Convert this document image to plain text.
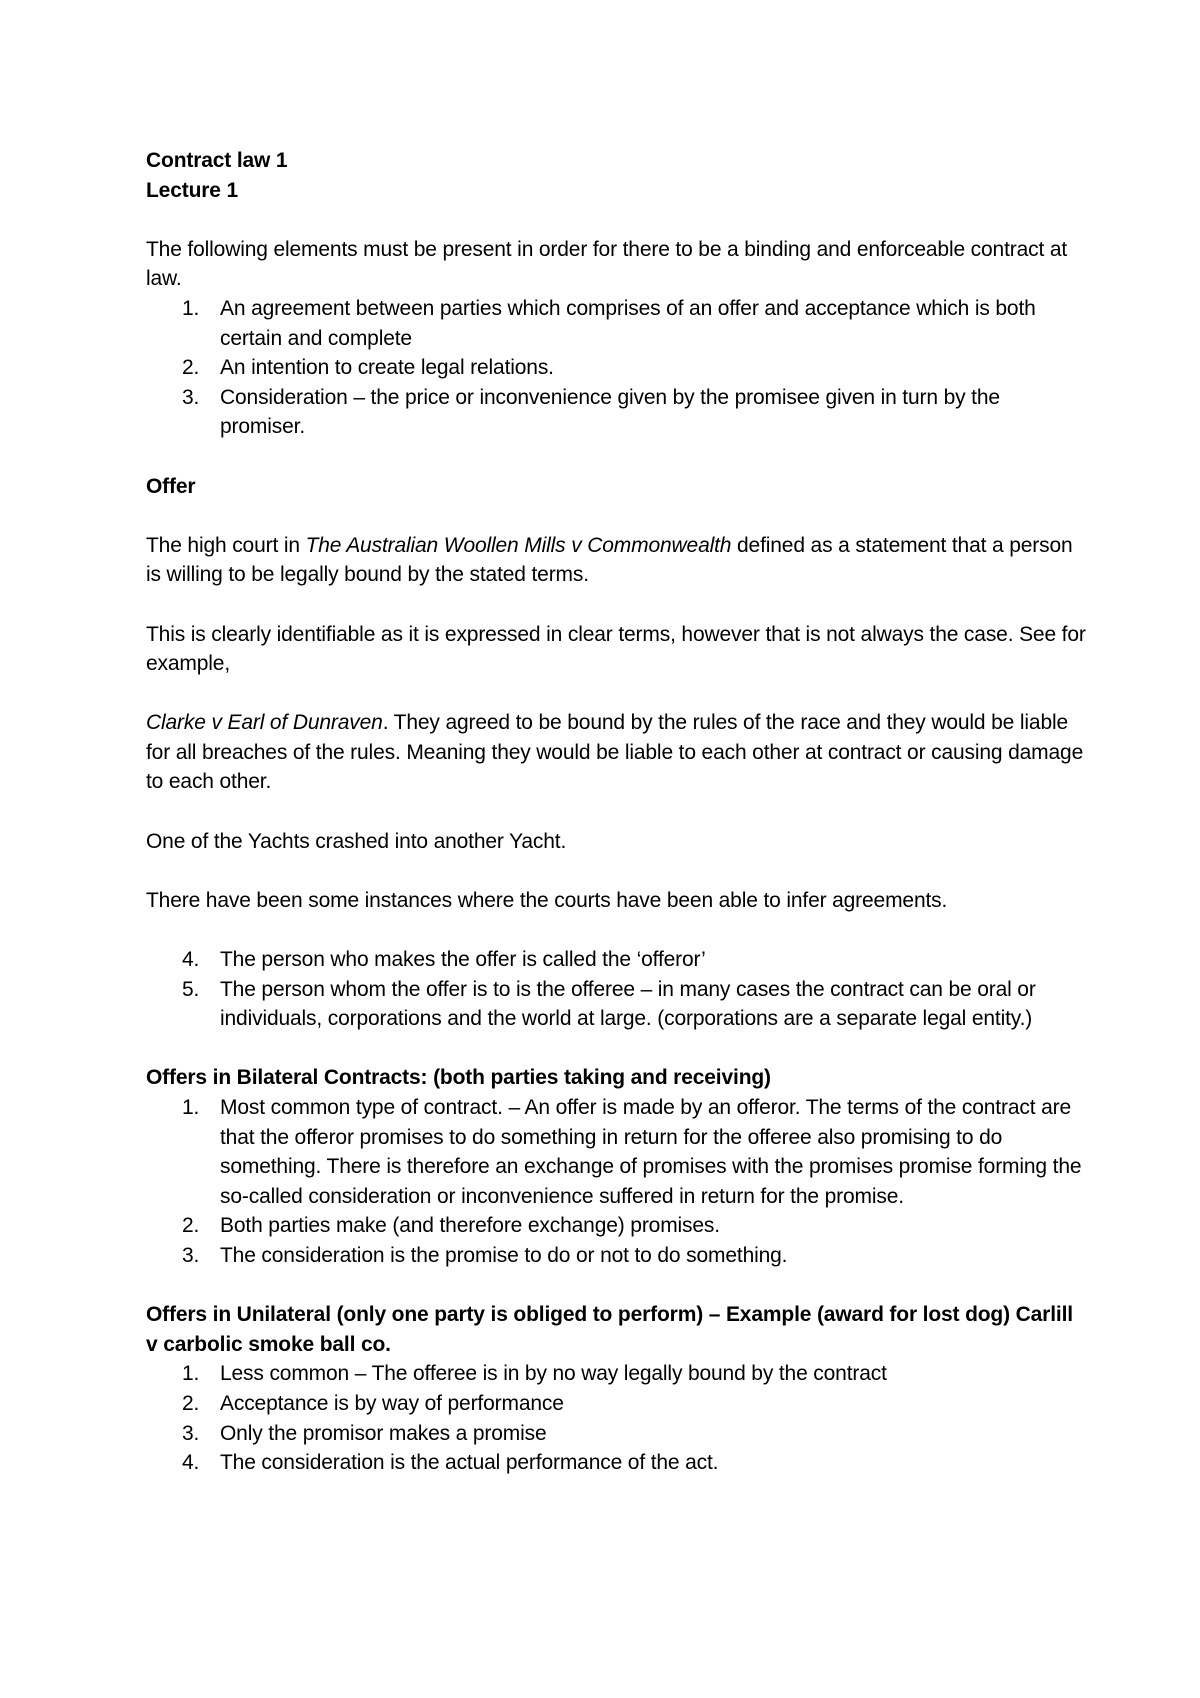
Contract law 1

Lecture 1

The following elements must be present in order for there to be a binding and enforceable contract at law.

1. An agreement between parties which comprises of an offer and acceptance which is both certain and complete
2. An intention to create legal relations.
3. Consideration – the price or inconvenience given by the promisee given in turn by the promiser.

Offer

The high court in The Australian Woollen Mills v Commonwealth defined as a statement that a person is willing to be legally bound by the stated terms.

This is clearly identifiable as it is expressed in clear terms, however that is not always the case. See for example,

Clarke v Earl of Dunraven. They agreed to be bound by the rules of the race and they would be liable for all breaches of the rules. Meaning they would be liable to each other at contract or causing damage to each other.

One of the Yachts crashed into another Yacht.

There have been some instances where the courts have been able to infer agreements.

4. The person who makes the offer is called the ‘offeror’
5. The person whom the offer is to is the offeree – in many cases the contract can be oral or individuals, corporations and the world at large. (corporations are a separate legal entity.)

Offers in Bilateral Contracts: (both parties taking and receiving)

1. Most common type of contract. – An offer is made by an offeror. The terms of the contract are that the offeror promises to do something in return for the offeree also promising to do something. There is therefore an exchange of promises with the promises promise forming the so-called consideration or inconvenience suffered in return for the promise.
2. Both parties make (and therefore exchange) promises.
3. The consideration is the promise to do or not to do something.

Offers in Unilateral (only one party is obliged to perform) – Example (award for lost dog) Carlill v carbolic smoke ball co.

1. Less common – The offeree is in by no way legally bound by the contract
2. Acceptance is by way of performance
3. Only the promisor makes a promise
4. The consideration is the actual performance of the act.
